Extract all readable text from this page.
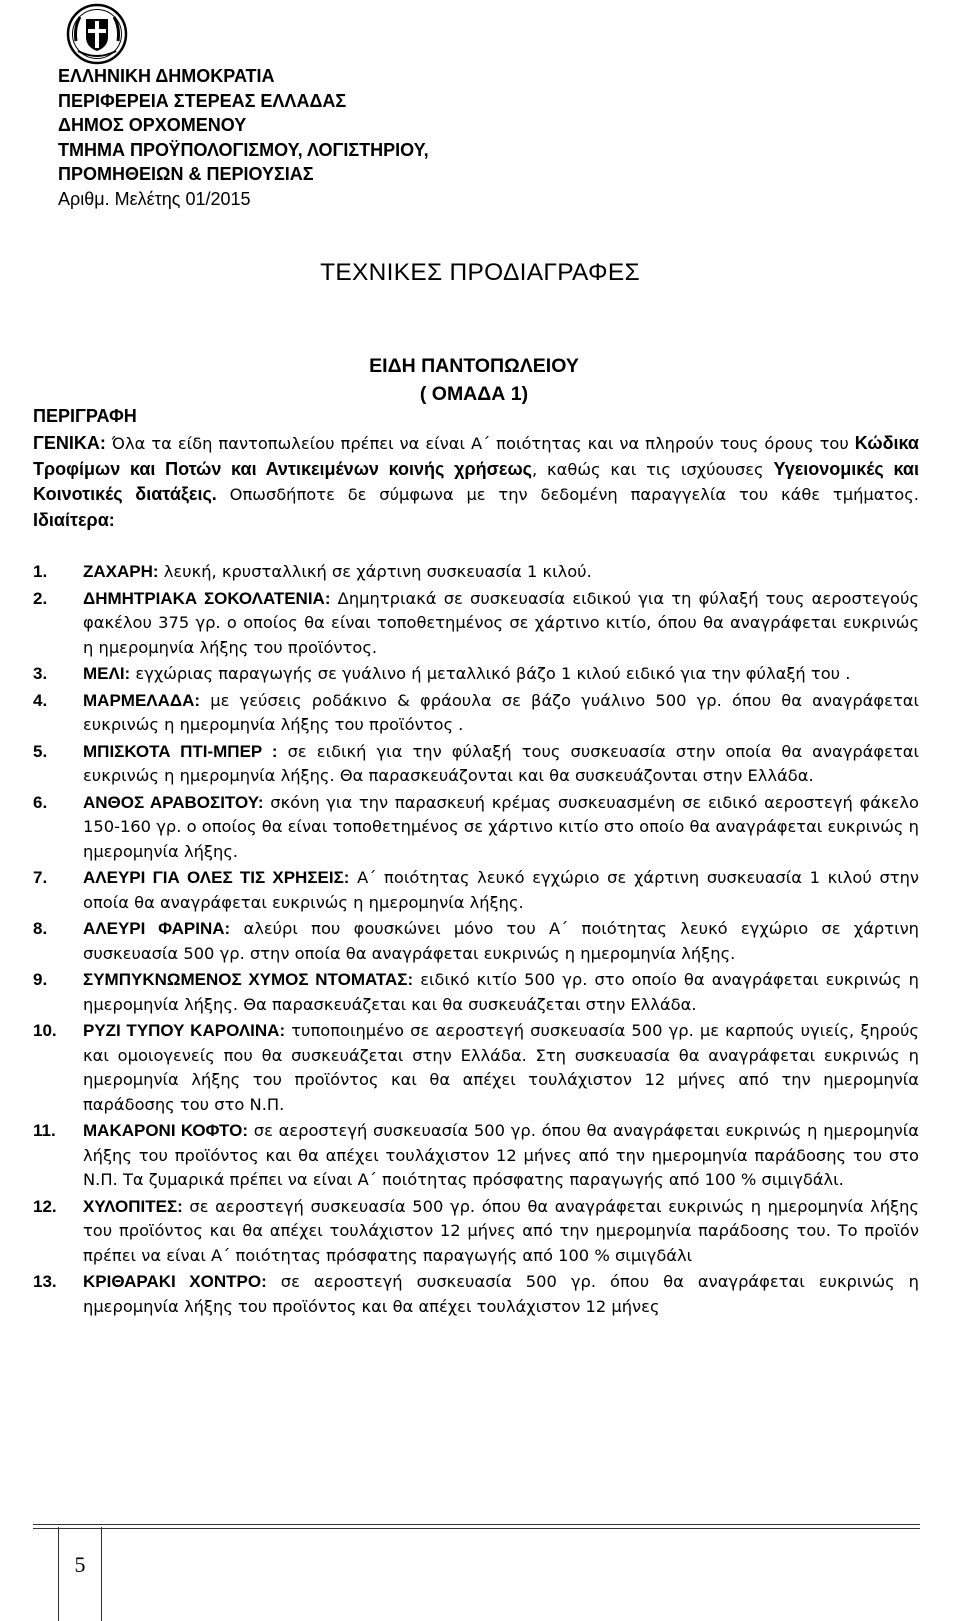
ΕΛΛΗΝΙΚΗ ΔΗΜΟΚΡΑΤΙΑ
ΠΕΡΙΦΕΡΕΙΑ ΣΤΕΡΕΑΣ ΕΛΛΑΔΑΣ
ΔΗΜΟΣ ΟΡΧΟΜΕΝΟΥ
ΤΜΗΜΑ ΠΡΟΫΠΟΛΟΓΙΣΜΟΥ, ΛΟΓΙΣΤΗΡΙΟΥ,
ΠΡΟΜΗΘΕΙΩΝ & ΠΕΡΙΟΥΣΙΑΣ
Αριθμ. Μελέτης 01/2015
ΤΕΧΝΙΚΕΣ ΠΡΟΔΙΑΓΡΑΦΕΣ
ΕΙΔΗ ΠΑΝΤΟΠΩΛΕΙΟΥ
( ΟΜΑΔΑ 1)
ΠΕΡΙΓΡΑΦΗ
ΓΕΝΙΚΑ: Όλα τα είδη παντοπωλείου πρέπει να είναι Α΄ ποιότητας και να πληρούν τους όρους του Κώδικα Τροφίμων και Ποτών και Αντικειμένων κοινής χρήσεως, καθώς και τις ισχύουσες Υγειονομικές και Κοινοτικές διατάξεις. Οπωσδήποτε δε σύμφωνα με την δεδομένη παραγγελία του κάθε τμήματος. Ιδιαίτερα:
1.	ΖΑΧΑΡΗ: λευκή, κρυσταλλική σε χάρτινη συσκευασία 1 κιλού.
2.	ΔΗΜΗΤΡΙΑΚΑ ΣΟΚΟΛΑΤΕΝΙΑ: Δημητριακά σε συσκευασία ειδικού για τη φύλαξή τους αεροστεγούς φακέλου 375 γρ. ο οποίος θα είναι τοποθετημένος σε χάρτινο κιτίο, όπου θα αναγράφεται ευκρινώς η ημερομηνία λήξης του προϊόντος.
3.	ΜΕΛΙ: εγχώριας παραγωγής σε γυάλινο ή μεταλλικό βάζο 1 κιλού ειδικό για την φύλαξή του .
4.	ΜΑΡΜΕΛΑΔΑ: με γεύσεις ροδάκινο & φράουλα σε βάζο γυάλινο 500 γρ. όπου θα αναγράφεται ευκρινώς η ημερομηνία λήξης του προϊόντος .
5.	ΜΠΙΣΚΟΤΑ ΠΤΙ-ΜΠΕΡ : σε ειδική για την φύλαξή τους συσκευασία στην οποία θα αναγράφεται ευκρινώς η ημερομηνία λήξης. Θα παρασκευάζονται και θα συσκευάζονται στην Ελλάδα.
6.	ΑΝΘΟΣ ΑΡΑΒΟΣΙΤΟΥ: σκόνη για την παρασκευή κρέμας συσκευασμένη σε ειδικό αεροστεγή φάκελο 150-160 γρ. ο οποίος θα είναι τοποθετημένος σε χάρτινο κιτίο στο οποίο θα αναγράφεται ευκρινώς η ημερομηνία λήξης.
7.	ΑΛΕΥΡΙ ΓΙΑ ΟΛΕΣ ΤΙΣ ΧΡΗΣΕΙΣ: Α΄ ποιότητας λευκό εγχώριο σε χάρτινη συσκευασία 1 κιλού στην οποία θα αναγράφεται ευκρινώς η ημερομηνία λήξης.
8.	ΑΛΕΥΡΙ ΦΑΡΙΝΑ: αλεύρι που φουσκώνει μόνο του Α΄ ποιότητας λευκό εγχώριο σε χάρτινη συσκευασία 500 γρ. στην οποία θα αναγράφεται ευκρινώς η ημερομηνία λήξης.
9.	ΣΥΜΠΥΚΝΩΜΕΝΟΣ ΧΥΜΟΣ ΝΤΟΜΑΤΑΣ: ειδικό κιτίο 500 γρ. στο οποίο θα αναγράφεται ευκρινώς η ημερομηνία λήξης. Θα παρασκευάζεται και θα συσκευάζεται στην Ελλάδα.
10.	ΡΥΖΙ ΤΥΠΟΥ ΚΑΡΟΛΙΝΑ: τυποποιημένο σε αεροστεγή συσκευασία 500 γρ. με καρπούς υγιείς, ξηρούς και ομοιογενείς που θα συσκευάζεται στην Ελλάδα. Στη συσκευασία θα αναγράφεται ευκρινώς η ημερομηνία λήξης του προϊόντος και θα απέχει τουλάχιστον 12 μήνες από την ημερομηνία παράδοσης του στο Ν.Π.
11.	ΜΑΚΑΡΟΝΙ ΚΟΦΤΟ: σε αεροστεγή συσκευασία 500 γρ. όπου θα αναγράφεται ευκρινώς η ημερομηνία λήξης του προϊόντος και θα απέχει τουλάχιστον 12 μήνες από την ημερομηνία παράδοσης του στο Ν.Π. Τα ζυμαρικά πρέπει να είναι Α΄ ποιότητας πρόσφατης παραγωγής από 100 % σιμιγδάλι.
12.	ΧΥΛΟΠΙΤΕΣ: σε αεροστεγή συσκευασία 500 γρ. όπου θα αναγράφεται ευκρινώς η ημερομηνία λήξης του προϊόντος και θα απέχει τουλάχιστον 12 μήνες από την ημερομηνία παράδοσης του. Το προϊόν πρέπει να είναι Α΄ ποιότητας πρόσφατης παραγωγής από 100 % σιμιγδάλι
13.	ΚΡΙΘΑΡΑΚΙ ΧΟΝΤΡΟ: σε αεροστεγή συσκευασία 500 γρ. όπου θα αναγράφεται ευκρινώς η ημερομηνία λήξης του προϊόντος και θα απέχει τουλάχιστον 12 μήνες
5
